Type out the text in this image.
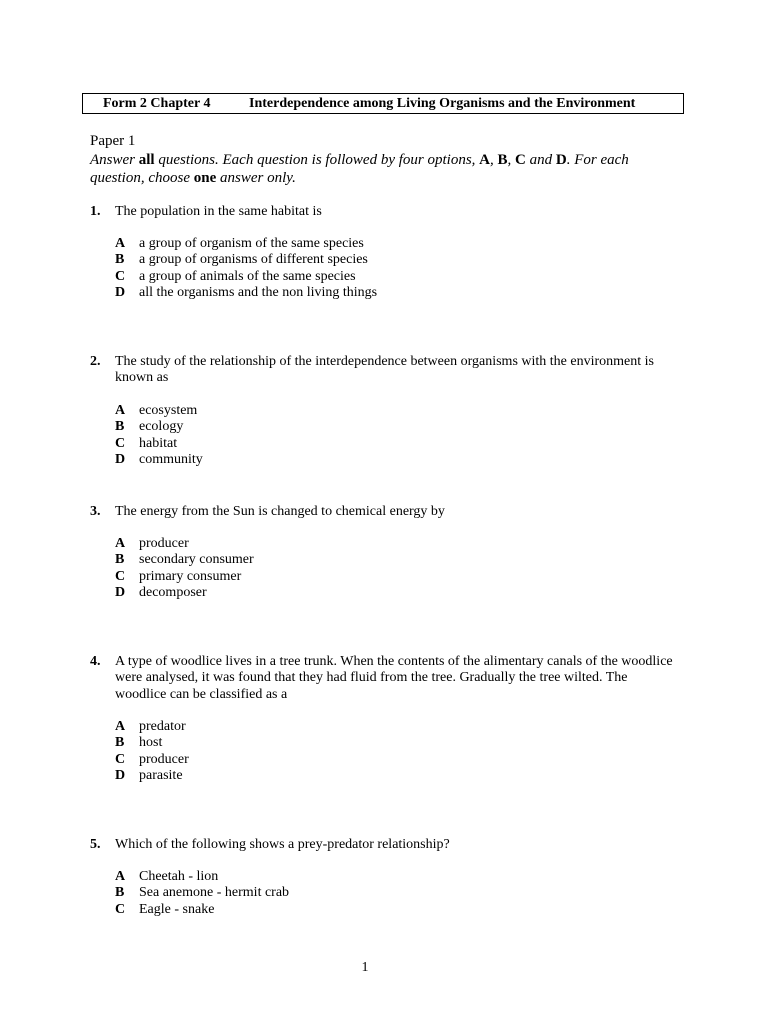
Form 2 Chapter 4	Interdependence among Living Organisms and the Environment
Paper 1
Answer all questions. Each question is followed by four options, A, B, C and D. For each question, choose one answer only.
1. The population in the same habitat is
A a group of organism of the same species
B a group of organisms of different species
C a group of animals of the same species
D all the organisms and the non living things
2. The study of the relationship of the interdependence between organisms with the environment is known as
A ecosystem
B ecology
C habitat
D community
3. The energy from the Sun is changed to chemical energy by
A producer
B secondary consumer
C primary consumer
D decomposer
4. A type of woodlice lives in a tree trunk. When the contents of the alimentary canals of the woodlice were analysed, it was found that they had fluid from the tree. Gradually the tree wilted. The woodlice can be classified as a
A predator
B host
C producer
D parasite
5. Which of the following shows a prey-predator relationship?
A Cheetah - lion
B Sea anemone - hermit crab
C Eagle - snake
1
